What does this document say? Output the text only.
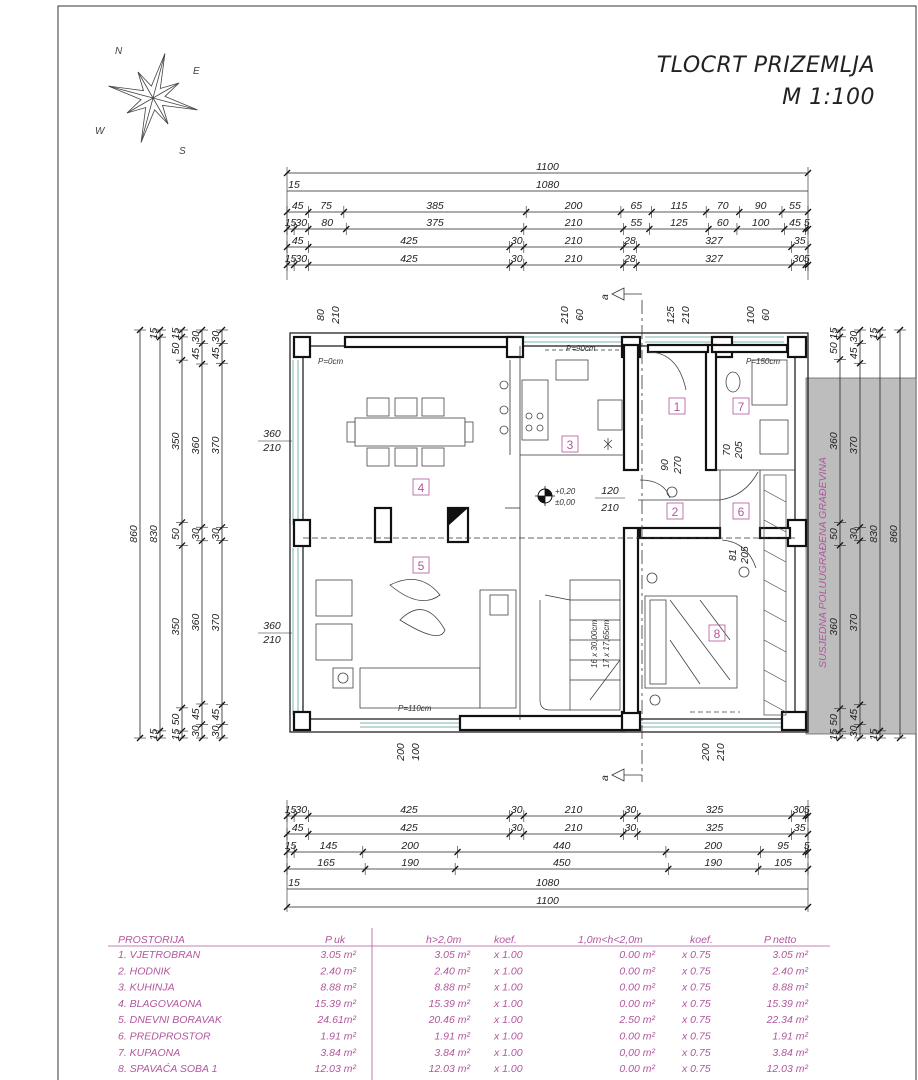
TLOCRT PRIZEMLJA
M 1:100
N
E
S
W
SUSJEDNA POLUUGRAĐENA GRAĐEVINA
+0,20
±0,00
P=0cm
P=90cm
P=150cm
P=110cm
16 x 30,00cm 17 x 17,65cm
a
a
1
2
3
4
5
6
7
8
1100
1080
15
45 75	385	200	65	115	70 90 55
15
30 80	375	210	55	125	60 100 45 5
45	425	30	210	28	327	35
15
30	425	30	210	28	327	30 5
15
30	425	30	210	30	325	30 5
45	425	30	210	30	325	35
15 145	200	440	200	95 5
165	190	450	190	105
1080
15
1100
860
15
830
15
15
50
350
50
350
50
15
30
45
360
30
360
45
30
30
45
370
30
370
45
30
15
50
360
50
360
50
15
30
45
370
30
370
45
30
15
830
15
860
360
210
360
210
80 210	210 60	125 210	100 60
200 100	200 210
120
210
90 270
70 205
81 205
PROSTORIJA	P uk	h>2,0m	koef.	1,0m<h<2,0m	koef.	P netto
1. VJETROBRAN	3.05 m²	3.05 m² x 1.00	0.00 m²	x 0.75	3.05 m²
2. HODNIK	2.40 m²	2.40 m² x 1.00	0.00 m²	x 0.75	2.40 m²
3. KUHINJA	8.88 m²	8.88 m² x 1.00	0.00 m²	x 0.75	8.88 m²
4. BLAGOVAONA	15.39 m²	15.39 m² x 1.00	0.00 m²	x 0.75	15.39 m²
5. DNEVNI BORAVAK	24.61m²	20.46 m² x 1.00	2.50 m²	x 0.75	22.34 m²
6. PREDPROSTOR	1.91 m²	1.91 m² x 1.00	0.00 m²	x 0.75	1.91 m²
7. KUPAONA	3.84 m²	3.84 m² x 1.00	0,00 m²	x 0.75	3.84 m²
8. SPAVAĆA SOBA 1	12.03 m²	12.03 m² x 1.00	0.00 m²	x 0.75	12.03 m²
